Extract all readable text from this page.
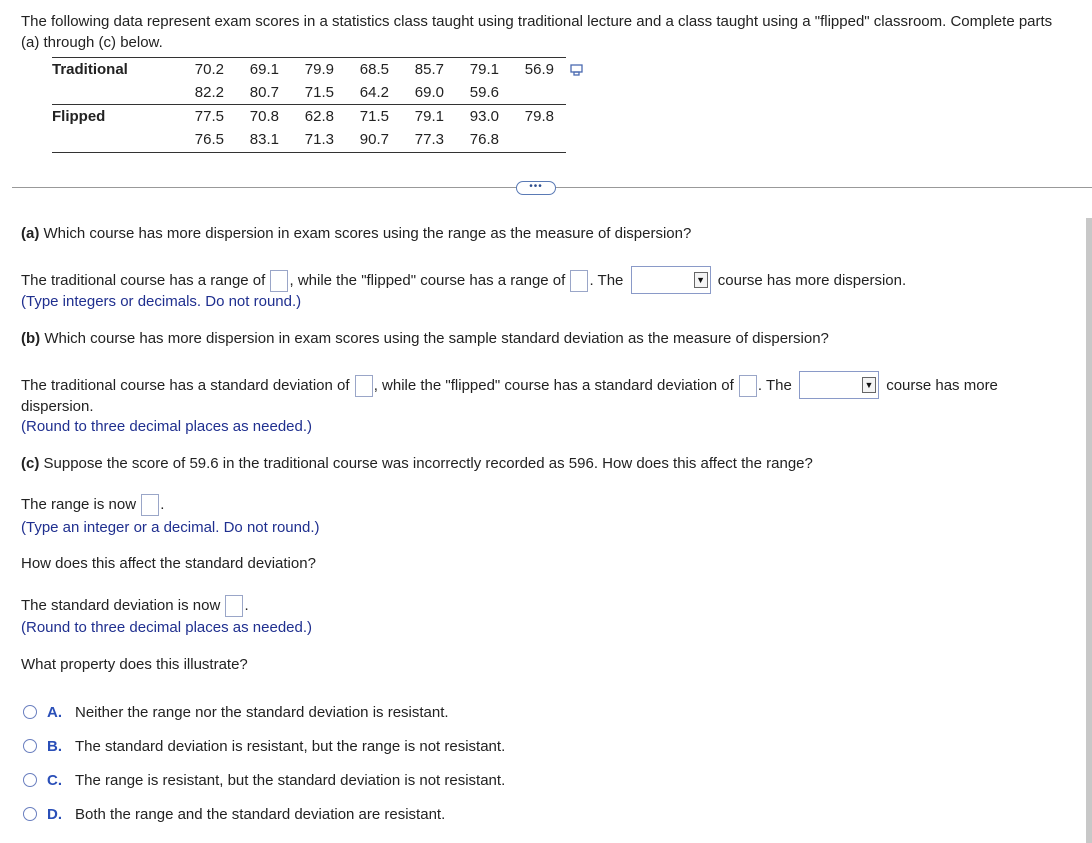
The following data represent exam scores in a statistics class taught using traditional lecture and a class taught using a "flipped" classroom. Complete parts (a) through (c) below.
Traditional	70.2	69.1	79.9	68.5	85.7	79.1	56.9
82.2	80.7	71.5	64.2	69.0	59.6
Flipped	77.5	70.8	62.8	71.5	79.1	93.0	79.8
76.5	83.1	71.3	90.7	77.3	76.8
•••
(a) Which course has more dispersion in exam scores using the range as the measure of dispersion?
The traditional course has a range of , while the "flipped" course has a range of . The	▼ course has more dispersion.
(Type integers or decimals. Do not round.)
(b) Which course has more dispersion in exam scores using the sample standard deviation as the measure of dispersion?
The traditional course has a standard deviation of , while the "flipped" course has a standard deviation of . The	▼ course has more
dispersion.
(Round to three decimal places as needed.)
(c) Suppose the score of 59.6 in the traditional course was incorrectly recorded as 596. How does this affect the range?
The range is now .
(Type an integer or a decimal. Do not round.)
How does this affect the standard deviation?
The standard deviation is now .
(Round to three decimal places as needed.)
What property does this illustrate?
A. Neither the range nor the standard deviation is resistant.
B. The standard deviation is resistant, but the range is not resistant.
C. The range is resistant, but the standard deviation is not resistant.
D. Both the range and the standard deviation are resistant.
